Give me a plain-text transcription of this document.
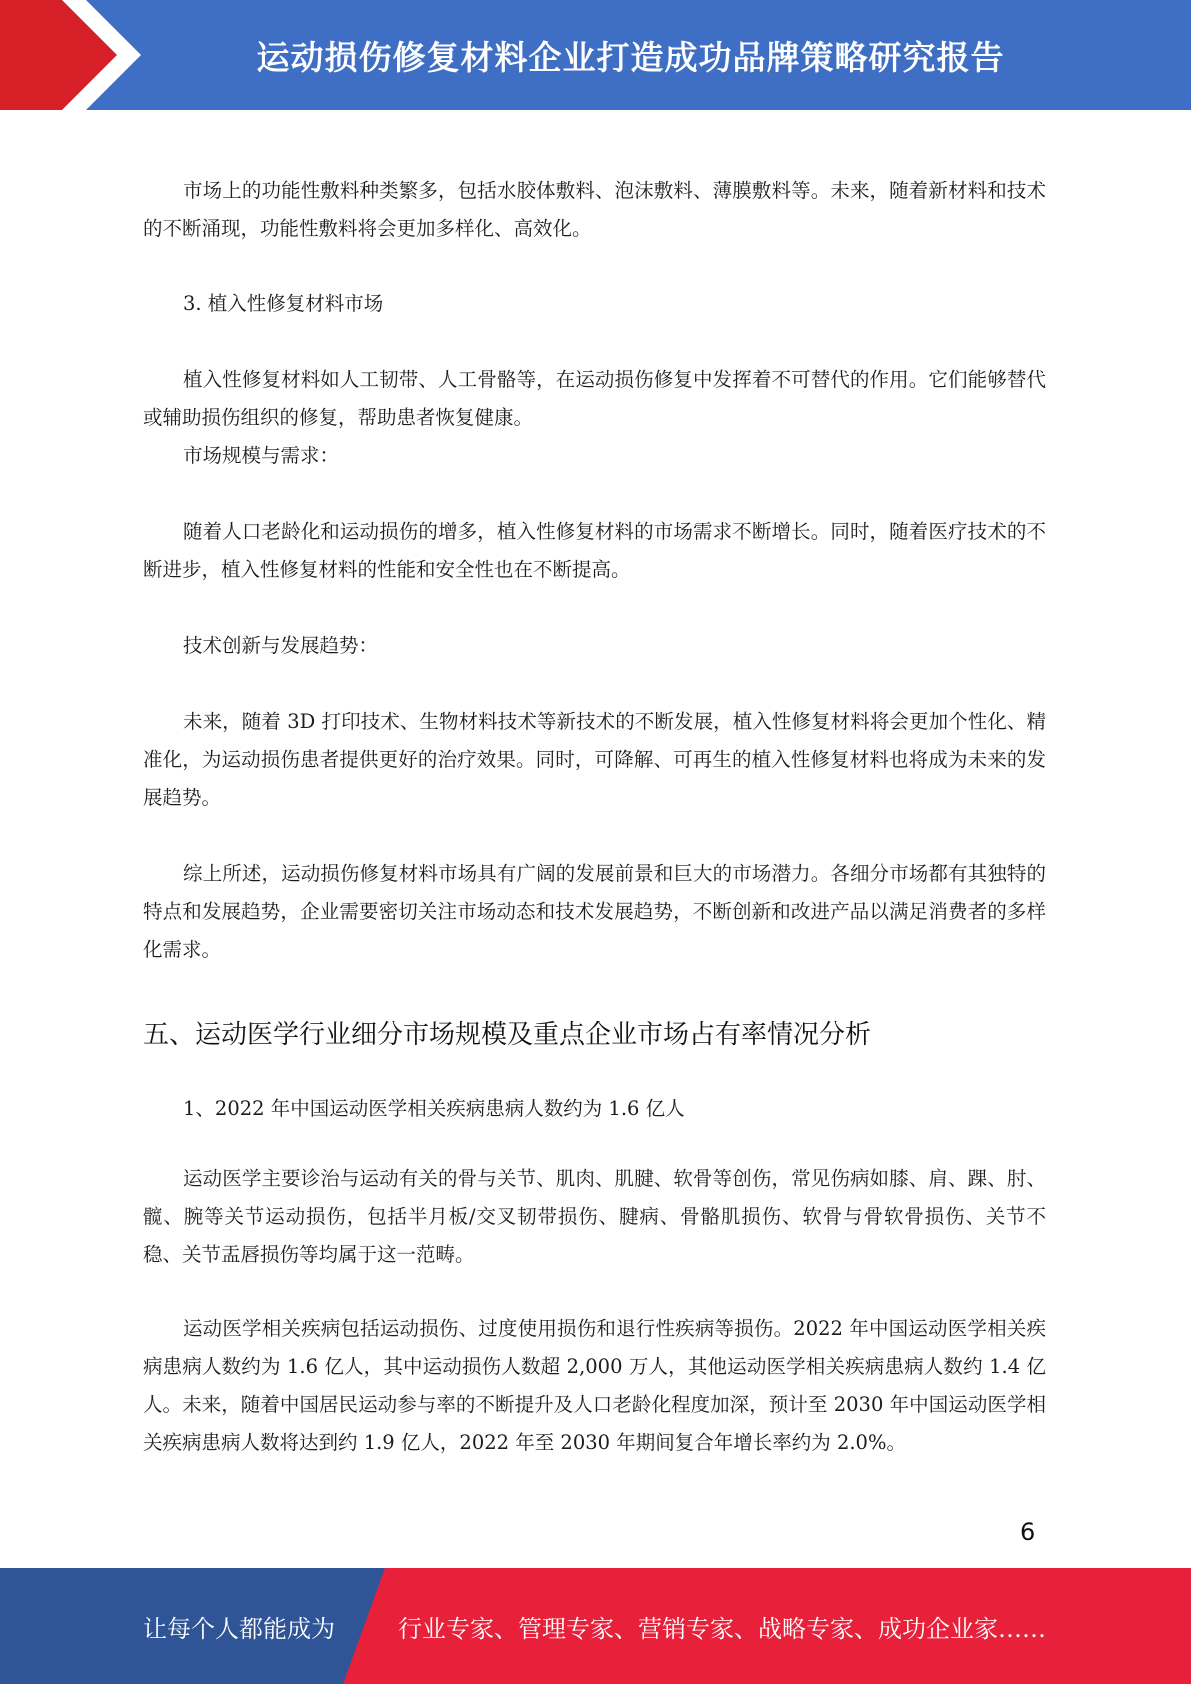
运动损伤修复材料企业打造成功品牌策略研究报告

市场上的功能性敷料种类繁多，包括水胶体敷料、泡沫敷料、薄膜敷料等。未来，随着新材料和技术的不断涌现，功能性敷料将会更加多样化、高效化。

3. 植入性修复材料市场

植入性修复材料如人工韧带、人工骨骼等，在运动损伤修复中发挥着不可替代的作用。它们能够替代或辅助损伤组织的修复，帮助患者恢复健康。

市场规模与需求：

随着人口老龄化和运动损伤的增多，植入性修复材料的市场需求不断增长。同时，随着医疗技术的不断进步，植入性修复材料的性能和安全性也在不断提高。

技术创新与发展趋势：

未来，随着 3D 打印技术、生物材料技术等新技术的不断发展，植入性修复材料将会更加个性化、精准化，为运动损伤患者提供更好的治疗效果。同时，可降解、可再生的植入性修复材料也将成为未来的发展趋势。

综上所述，运动损伤修复材料市场具有广阔的发展前景和巨大的市场潜力。各细分市场都有其独特的特点和发展趋势，企业需要密切关注市场动态和技术发展趋势，不断创新和改进产品以满足消费者的多样化需求。

五、运动医学行业细分市场规模及重点企业市场占有率情况分析

1、2022 年中国运动医学相关疾病患病人数约为 1.6 亿人

运动医学主要诊治与运动有关的骨与关节、肌肉、肌腱、软骨等创伤，常见伤病如膝、肩、踝、肘、髋、腕等关节运动损伤，包括半月板/交叉韧带损伤、腱病、骨骼肌损伤、软骨与骨软骨损伤、关节不稳、关节盂唇损伤等均属于这一范畴。

运动医学相关疾病包括运动损伤、过度使用损伤和退行性疾病等损伤。2022 年中国运动医学相关疾病患病人数约为 1.6 亿人，其中运动损伤人数超 2,000 万人，其他运动医学相关疾病患病人数约 1.4 亿人。未来，随着中国居民运动参与率的不断提升及人口老龄化程度加深，预计至 2030 年中国运动医学相关疾病患病人数将达到约 1.9 亿人，2022 年至 2030 年期间复合年增长率约为 2.0%。

6
让每个人都能成为	行业专家、管理专家、营销专家、战略专家、成功企业家……
